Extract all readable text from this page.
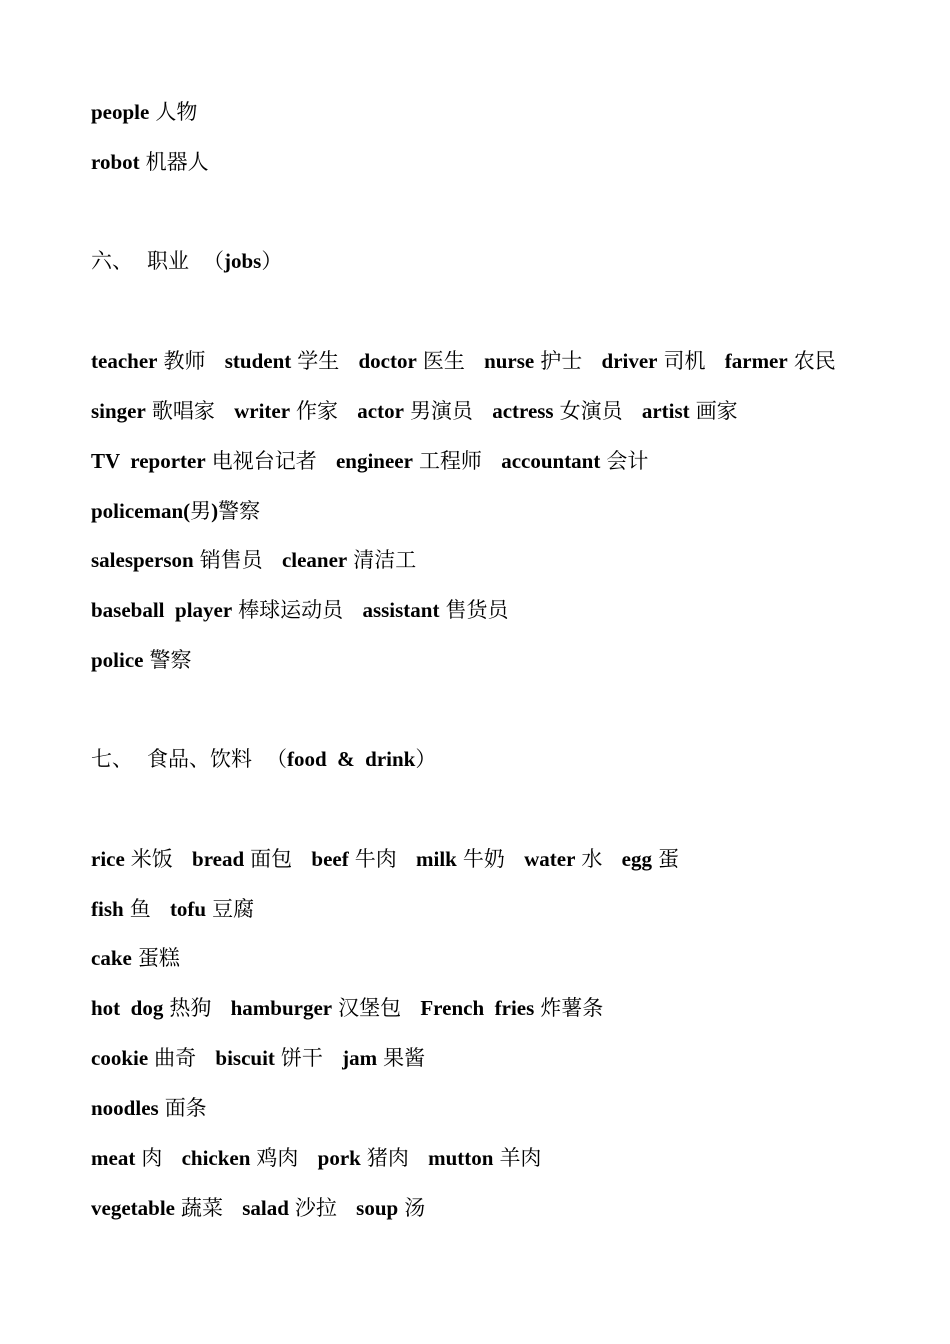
people 人物
robot 机器人
六、 职业 （jobs）
teacher 教师 student 学生 doctor 医生 nurse 护士 driver 司机 farmer 农民
singer 歌唱家 writer 作家 actor 男演员 actress 女演员 artist 画家
TV  reporter 电视台记者 engineer 工程师 accountant 会计
policeman(男)警察
salesperson 销售员 cleaner 清洁工
baseball  player 棒球运动员 assistant 售货员
police 警察
七、 食品、饮料 （food  &  drink）
rice 米饭 bread 面包 beef 牛肉 milk 牛奶 water 水 egg 蛋
fish 鱼 tofu 豆腐
cake 蛋糕
hot  dog 热狗 hamburger 汉堡包 French  fries 炸薯条
cookie 曲奇 biscuit 饼干 jam 果酱
noodles 面条
meat 肉 chicken 鸡肉 pork 猪肉 mutton 羊肉
vegetable 蔬菜 salad 沙拉 soup 汤
